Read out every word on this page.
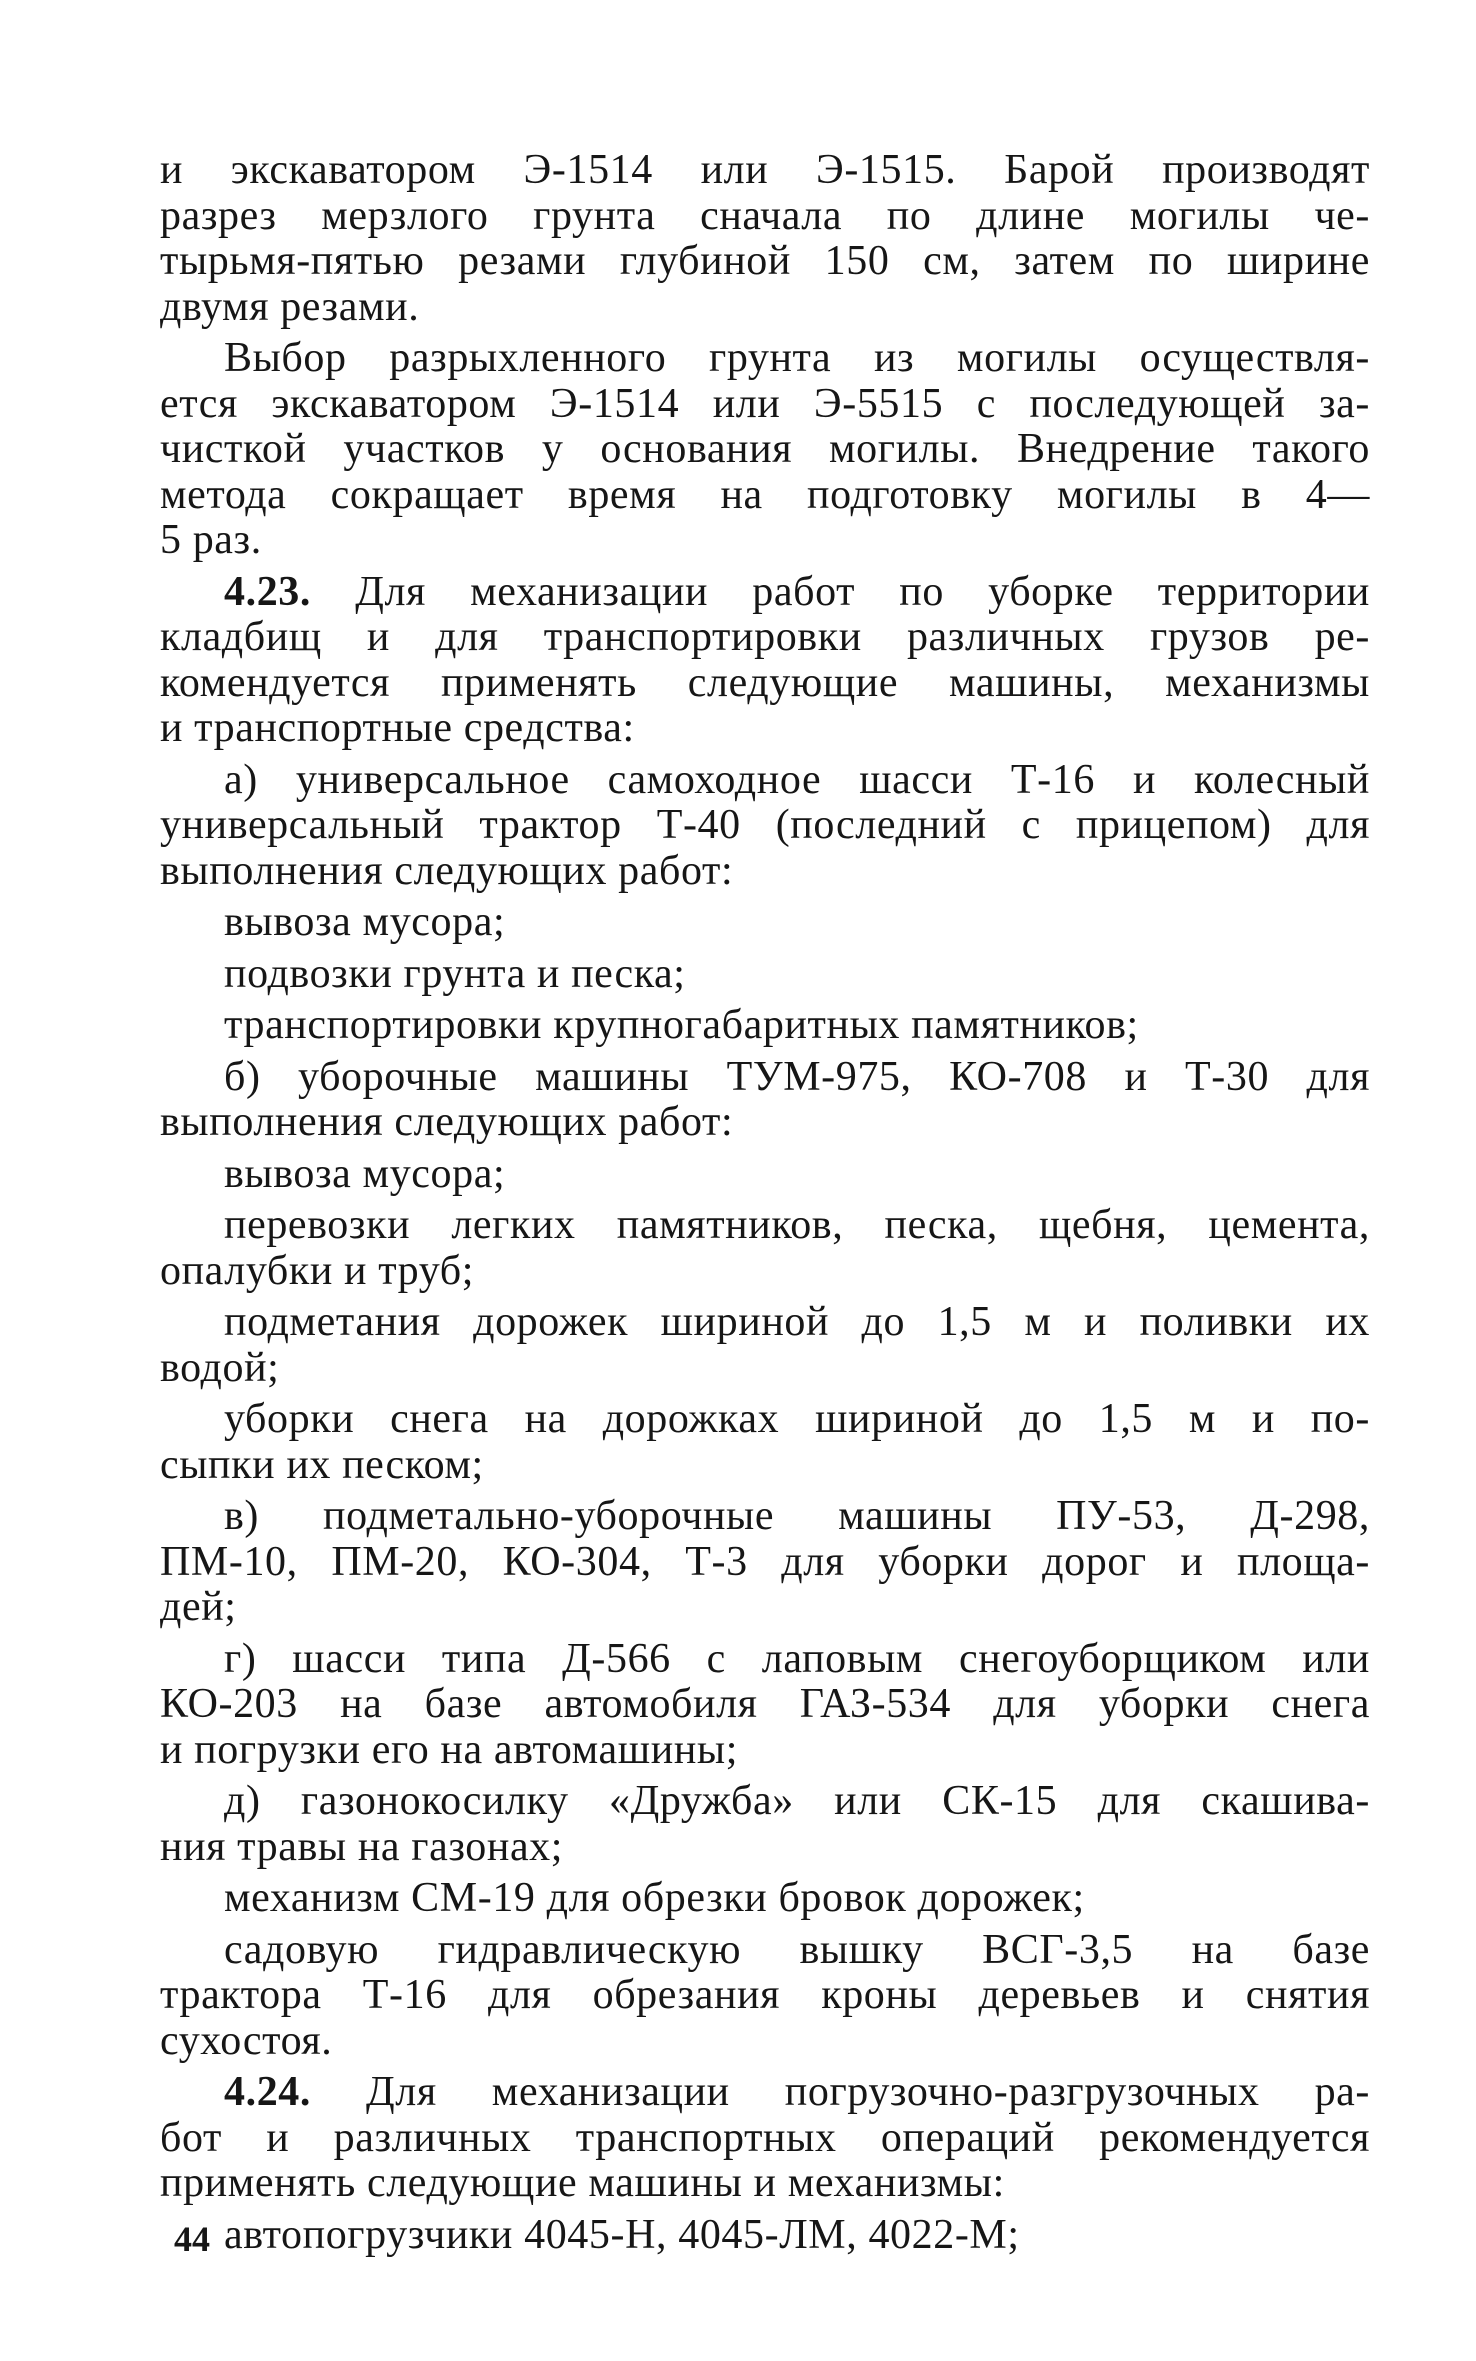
и экскаватором Э-1514 или Э-1515. Барой производят
разрез мерзлого грунта сначала по длине могилы че-
тырьмя-пятью резами глубиной 150 см, затем по ширине
двумя резами.
Выбор разрыхленного грунта из могилы осуществля-
ется экскаватором Э-1514 или Э-5515 с последующей за-
чисткой участков у основания могилы. Внедрение такого
метода сокращает время на подготовку могилы в 4—
5 раз.
4.23. Для механизации работ по уборке территории
кладбищ и для транспортировки различных грузов ре-
комендуется применять следующие машины, механизмы
и транспортные средства:
а) универсальное самоходное шасси Т-16 и колесный
универсальный трактор Т-40 (последний с прицепом) для
выполнения следующих работ:
вывоза мусора;
подвозки грунта и песка;
транспортировки крупногабаритных памятников;
б) уборочные машины ТУМ-975, КО-708 и Т-30 для
выполнения следующих работ:
вывоза мусора;
перевозки легких памятников, песка, щебня, цемента,
опалубки и труб;
подметания дорожек шириной до 1,5 м и поливки их
водой;
уборки снега на дорожках шириной до 1,5 м и по-
сыпки их песком;
в) подметально-уборочные машины ПУ-53, Д-298,
ПМ-10, ПМ-20, КО-304, Т-3 для уборки дорог и площа-
дей;
г) шасси типа Д-566 с лаповым снегоуборщиком или
КО-203 на базе автомобиля ГАЗ-534 для уборки снега
и погрузки его на автомашины;
д) газонокосилку «Дружба» или СК-15 для скашива-
ния травы на газонах;
механизм СМ-19 для обрезки бровок дорожек;
садовую гидравлическую вышку ВСГ-3,5 на базе
трактора Т-16 для обрезания кроны деревьев и снятия
сухостоя.
4.24. Для механизации погрузочно-разгрузочных ра-
бот и различных транспортных операций рекомендуется
применять следующие машины и механизмы:
автопогрузчики 4045-Н, 4045-ЛМ, 4022-М;
44
